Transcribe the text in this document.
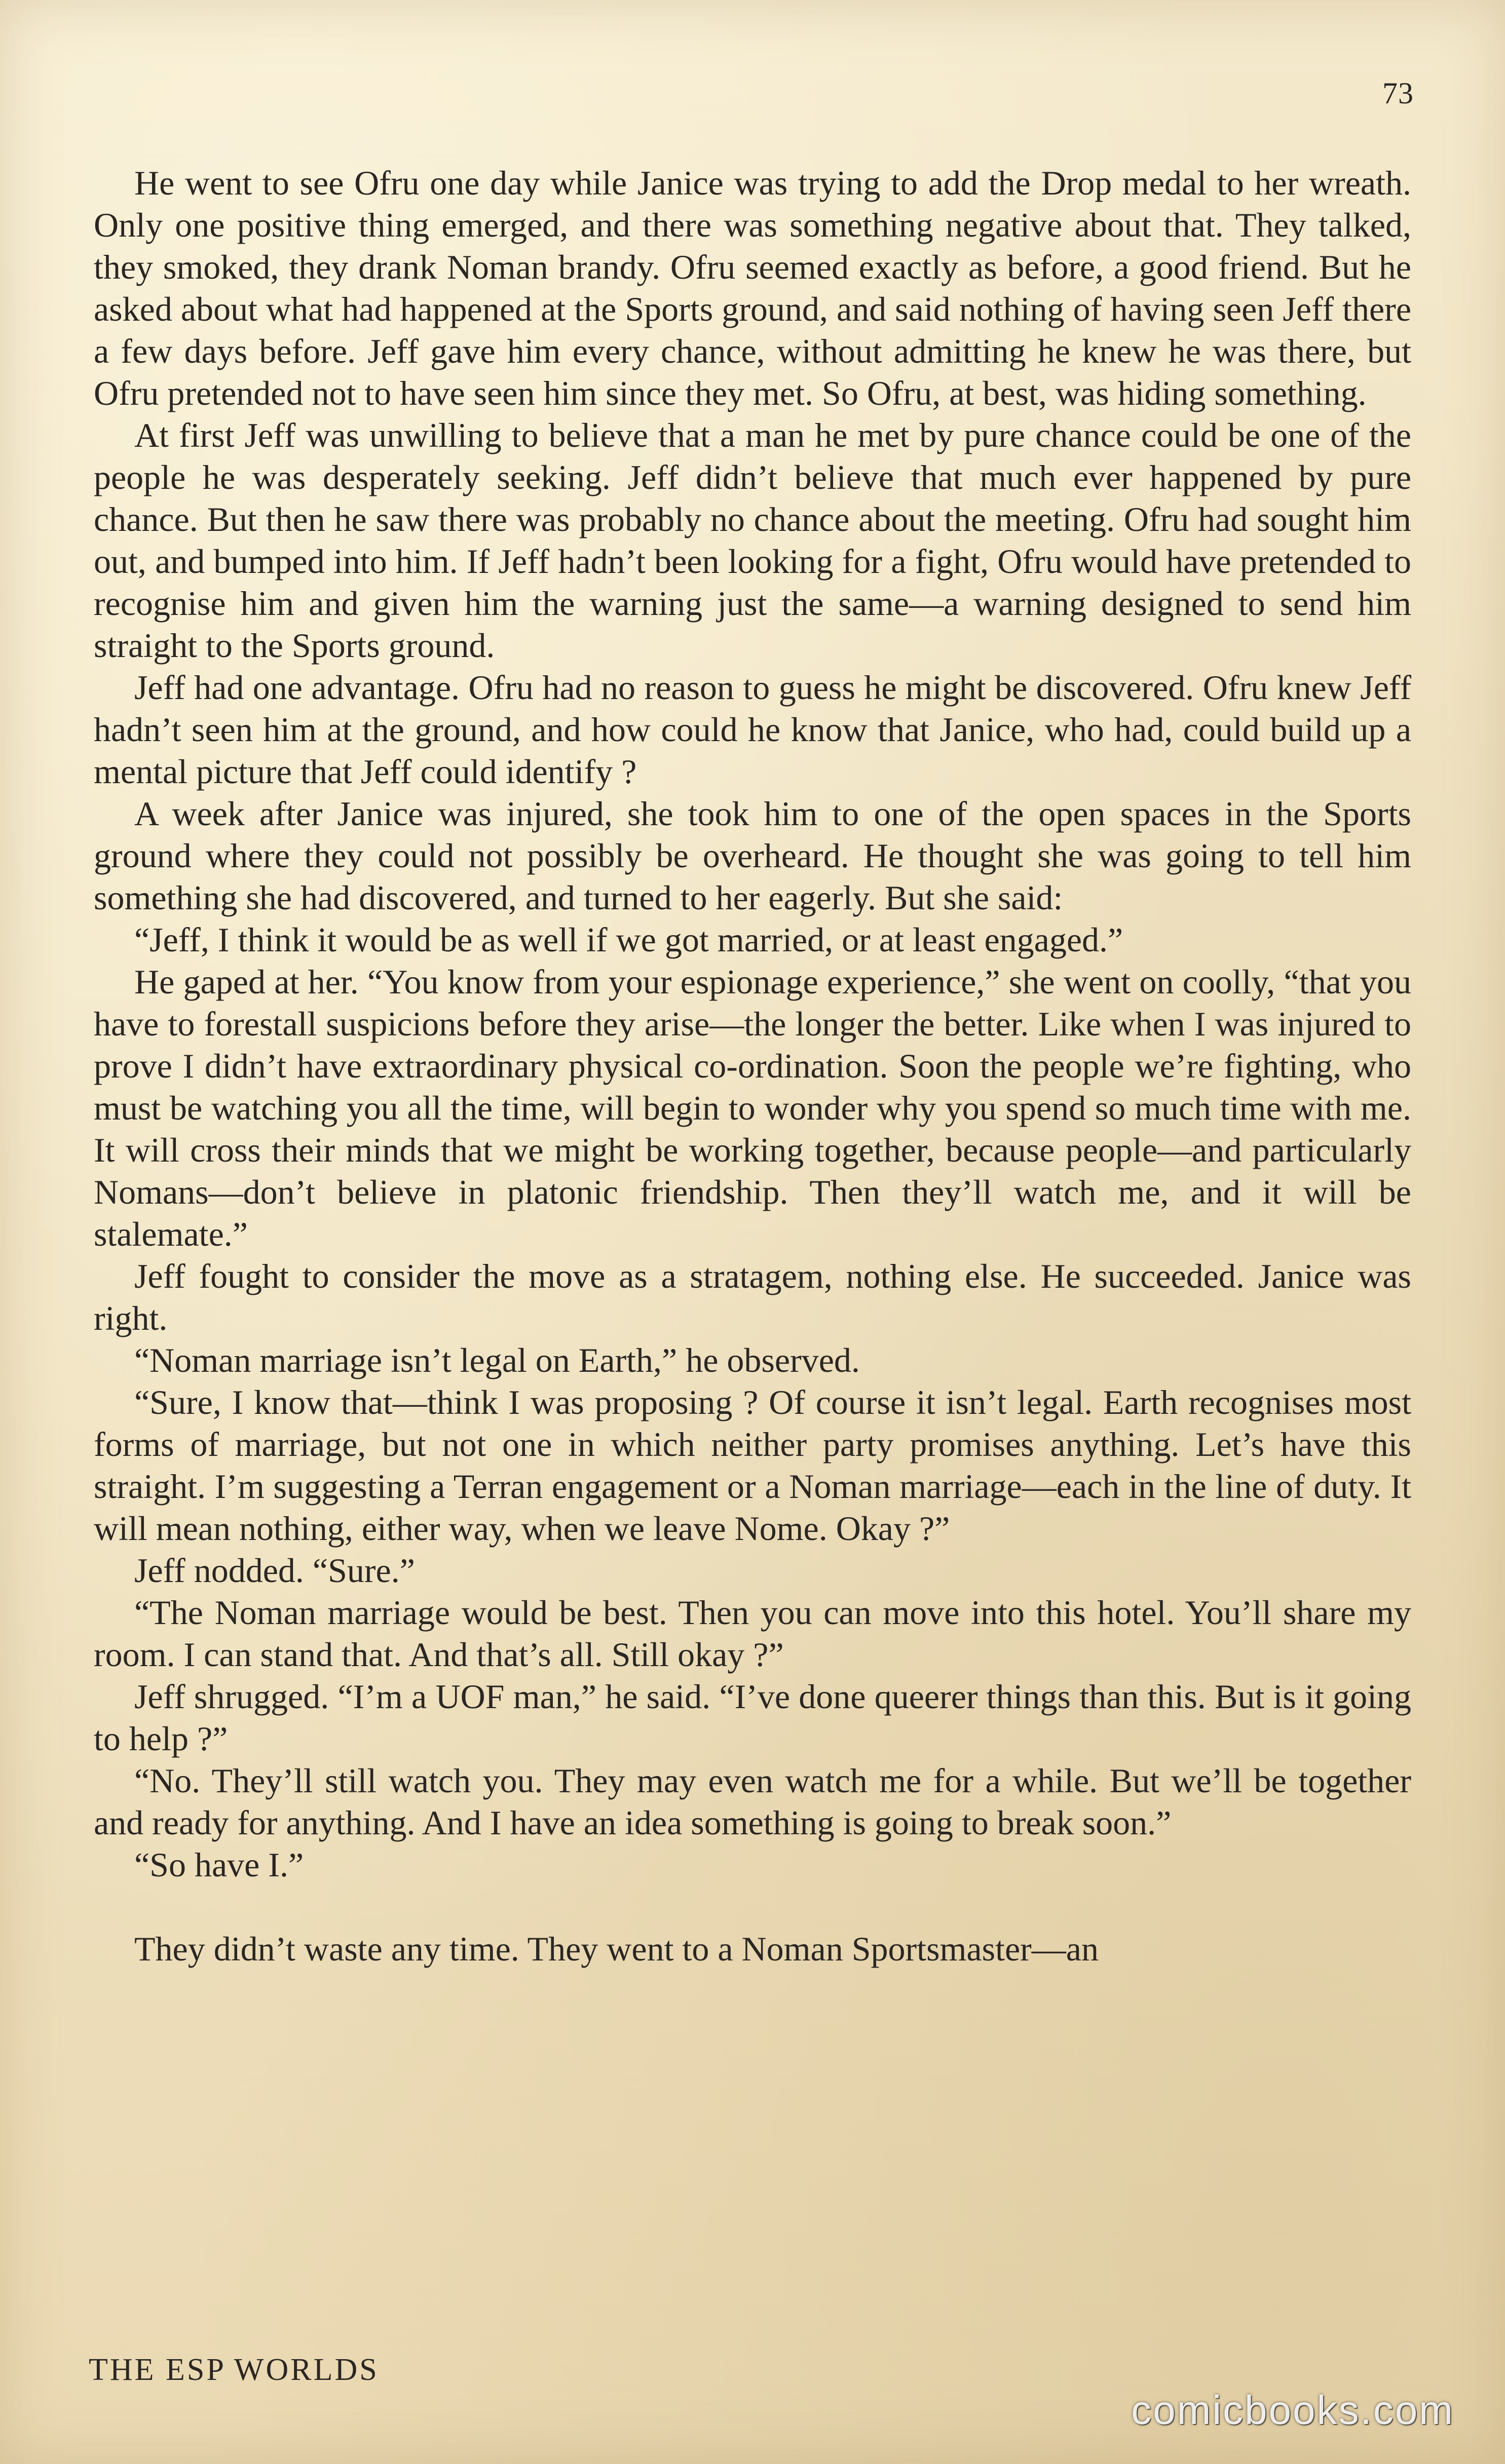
73

He went to see Ofru one day while Janice was trying to add the Drop medal to her wreath. Only one positive thing emerged, and there was something negative about that. They talked, they smoked, they drank Noman brandy. Ofru seemed exactly as before, a good friend. But he asked about what had happened at the Sports ground, and said nothing of having seen Jeff there a few days before. Jeff gave him every chance, without admitting he knew he was there, but Ofru pretended not to have seen him since they met. So Ofru, at best, was hiding something.

At first Jeff was unwilling to believe that a man he met by pure chance could be one of the people he was desperately seeking. Jeff didn’t believe that much ever happened by pure chance. But then he saw there was probably no chance about the meeting. Ofru had sought him out, and bumped into him. If Jeff hadn’t been looking for a fight, Ofru would have pretended to recognise him and given him the warning just the same—a warning designed to send him straight to the Sports ground.

Jeff had one advantage. Ofru had no reason to guess he might be discovered. Ofru knew Jeff hadn’t seen him at the ground, and how could he know that Janice, who had, could build up a mental picture that Jeff could identify ?

A week after Janice was injured, she took him to one of the open spaces in the Sports ground where they could not possibly be overheard. He thought she was going to tell him something she had discovered, and turned to her eagerly. But she said:

“Jeff, I think it would be as well if we got married, or at least engaged.”

He gaped at her. “You know from your espionage experience,” she went on coolly, “that you have to forestall suspicions before they arise—the longer the better. Like when I was injured to prove I didn’t have extraordinary physical co-ordination. Soon the people we’re fighting, who must be watching you all the time, will begin to wonder why you spend so much time with me. It will cross their minds that we might be working together, because people—and particularly Nomans—don’t believe in platonic friendship. Then they’ll watch me, and it will be stalemate.”

Jeff fought to consider the move as a stratagem, nothing else. He succeeded. Janice was right.

“Noman marriage isn’t legal on Earth,” he observed.

“Sure, I know that—think I was proposing ? Of course it isn’t legal. Earth recognises most forms of marriage, but not one in which neither party promises anything. Let’s have this straight. I’m suggesting a Terran engagement or a Noman marriage—each in the line of duty. It will mean nothing, either way, when we leave Nome. Okay ?”

Jeff nodded. “Sure.”

“The Noman marriage would be best. Then you can move into this hotel. You’ll share my room. I can stand that. And that’s all. Still okay ?”

Jeff shrugged. “I’m a UOF man,” he said. “I’ve done queerer things than this. But is it going to help ?”

“No. They’ll still watch you. They may even watch me for a while. But we’ll be together and ready for anything. And I have an idea something is going to break soon.”

“So have I.”

They didn’t waste any time. They went to a Noman Sportsmaster—an

THE ESP WORLDS
comicbooks.com
